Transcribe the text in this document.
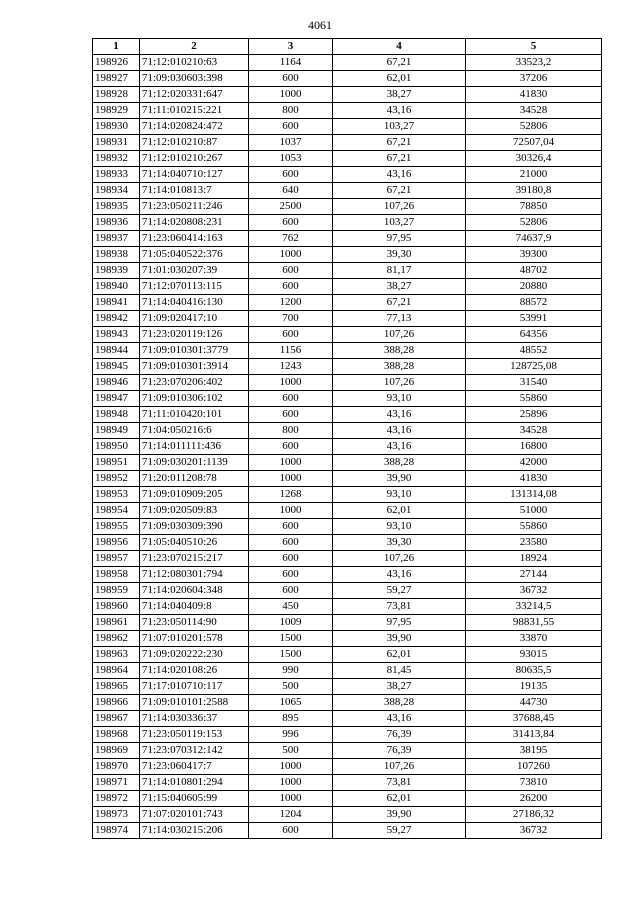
4061
1	2	3	4	5
198926	71:12:010210:63	1164	67,21	33523,2
198927	71:09:030603:398	600	62,01	37206
198928	71:12:020331:647	1000	38,27	41830
198929	71:11:010215:221	800	43,16	34528
198930	71:14:020824:472	600	103,27	52806
198931	71:12:010210:87	1037	67,21	72507,04
198932	71:12:010210:267	1053	67,21	30326,4
198933	71:14:040710:127	600	43,16	21000
198934	71:14:010813:7	640	67,21	39180,8
198935	71:23:050211:246	2500	107,26	78850
198936	71:14:020808:231	600	103,27	52806
198937	71:23:060414:163	762	97,95	74637,9
198938	71:05:040522:376	1000	39,30	39300
198939	71:01:030207:39	600	81,17	48702
198940	71:12:070113:115	600	38,27	20880
198941	71:14:040416:130	1200	67,21	88572
198942	71:09:020417:10	700	77,13	53991
198943	71:23:020119:126	600	107,26	64356
198944	71:09:010301:3779	1156	388,28	48552
198945	71:09:010301:3914	1243	388,28	128725,08
198946	71:23:070206:402	1000	107,26	31540
198947	71:09:010306:102	600	93,10	55860
198948	71:11:010420:101	600	43,16	25896
198949	71:04:050216:6	800	43,16	34528
198950	71:14:011111:436	600	43,16	16800
198951	71:09:030201:1139	1000	388,28	42000
198952	71:20:011208:78	1000	39,90	41830
198953	71:09:010909:205	1268	93,10	131314,08
198954	71:09:020509:83	1000	62,01	51000
198955	71:09:030309:390	600	93,10	55860
198956	71:05:040510:26	600	39,30	23580
198957	71:23:070215:217	600	107,26	18924
198958	71:12:080301:794	600	43,16	27144
198959	71:14:020604:348	600	59,27	36732
198960	71:14:040409:8	450	73,81	33214,5
198961	71:23:050114:90	1009	97,95	98831,55
198962	71:07:010201:578	1500	39,90	33870
198963	71:09:020222:230	1500	62,01	93015
198964	71:14:020108:26	990	81,45	80635,5
198965	71:17:010710:117	500	38,27	19135
198966	71:09:010101:2588	1065	388,28	44730
198967	71:14:030336:37	895	43,16	37688,45
198968	71:23:050119:153	996	76,39	31413,84
198969	71:23:070312:142	500	76,39	38195
198970	71:23:060417:7	1000	107,26	107260
198971	71:14:010801:294	1000	73,81	73810
198972	71:15:040605:99	1000	62,01	26200
198973	71:07:020101:743	1204	39,90	27186,32
198974	71:14:030215:206	600	59,27	36732
